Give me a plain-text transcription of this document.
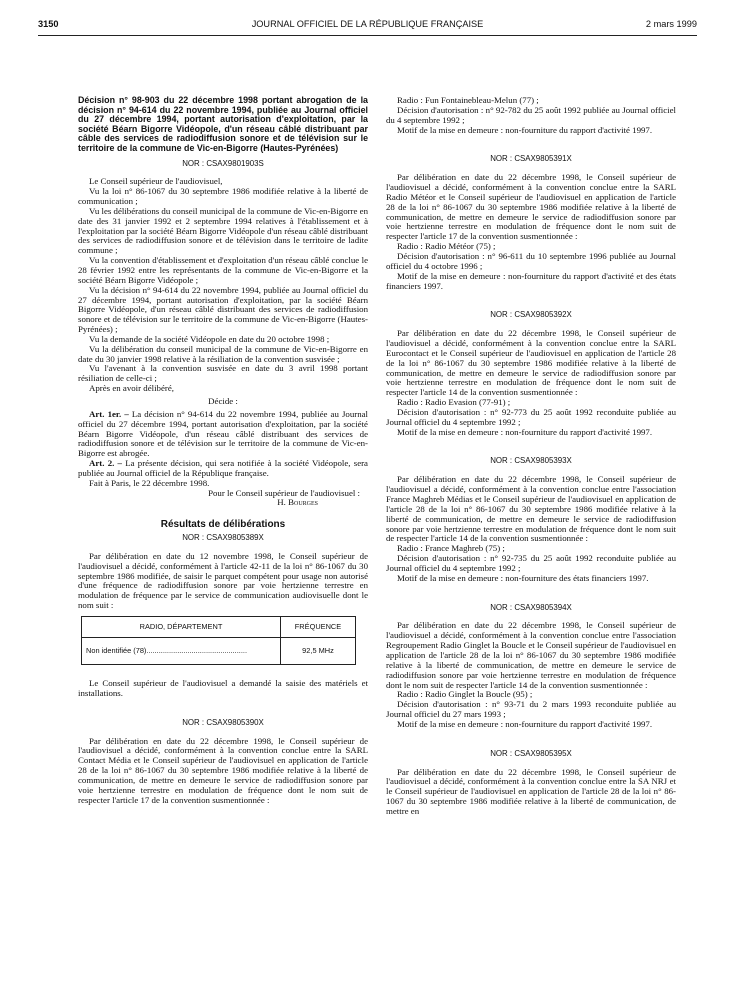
3150	JOURNAL OFFICIEL DE LA RÉPUBLIQUE FRANÇAISE	2 mars 1999

Décision n° 98-903 du 22 décembre 1998 portant abrogation de la décision n° 94-614 du 22 novembre 1994, publiée au Journal officiel du 27 décembre 1994, portant autorisation d'exploitation, par la société Béarn Bigorre Vidéopole, d'un réseau câblé distribuant par câble des services de radiodiffusion sonore et de télévision sur le territoire de la commune de Vic-en-Bigorre (Hautes-Pyrénées)

NOR : CSAX9801903S

Le Conseil supérieur de l'audiovisuel,

Vu la loi n° 86-1067 du 30 septembre 1986 modifiée relative à la liberté de communication ;

Vu les délibérations du conseil municipal de la commune de Vic-en-Bigorre en date des 31 janvier 1992 et 2 septembre 1994 relatives à l'établissement et à l'exploitation par la société Béarn Bigorre Vidéopole d'un réseau câblé distribuant des services de radiodiffusion sonore et de télévision dans le territoire de ladite commune ;

Vu la convention d'établissement et d'exploitation d'un réseau câblé conclue le 28 février 1992 entre les représentants de la commune de Vic-en-Bigorre et la société Béarn Bigorre Vidéopole ;

Vu la décision n° 94-614 du 22 novembre 1994, publiée au Journal officiel du 27 décembre 1994, portant autorisation d'exploitation, par la société Béarn Bigorre Vidéopole, d'un réseau câblé distribuant des services de radiodiffusion sonore et de télévision sur le territoire de la commune de Vic-en-Bigorre (Hautes-Pyrénées) ;

Vu la demande de la société Vidéopole en date du 20 octobre 1998 ;

Vu la délibération du conseil municipal de la commune de Vic-en-Bigorre en date du 30 janvier 1998 relative à la résiliation de la convention susvisée ;

Vu l'avenant à la convention susvisée en date du 3 avril 1998 portant résiliation de celle-ci ;

Après en avoir délibéré,

Décide :

Art. 1er. – La décision n° 94-614 du 22 novembre 1994, publiée au Journal officiel du 27 décembre 1994, portant autorisation d'exploitation, par la société Béarn Bigorre Vidéopole, d'un réseau câblé distribuant des services de radiodiffusion sonore et de télévision sur le territoire de la commune de Vic-en-Bigorre est abrogée.

Art. 2. – La présente décision, qui sera notifiée à la société Vidéopole, sera publiée au Journal officiel de la République française.

Fait à Paris, le 22 décembre 1998.

Pour le Conseil supérieur de l'audiovisuel :

H. Bourges

Résultats de délibérations
NOR : CSAX9805389X

Par délibération en date du 12 novembre 1998, le Conseil supérieur de l'audiovisuel a décidé, conformément à l'article 42-11 de la loi n° 86-1067 du 30 septembre 1986 modifiée, de saisir le parquet compétent pour usage non autorisé d'une fréquence de radiodiffusion sonore par voie hertzienne terrestre en modulation de fréquence par le service de communication audiovisuelle dont le nom suit :

RADIO, DÉPARTEMENT	FRÉQUENCE
Non identifiée (78).................................................	92,5 MHz

Le Conseil supérieur de l'audiovisuel a demandé la saisie des matériels et installations.

NOR : CSAX9805390X

Par délibération en date du 22 décembre 1998, le Conseil supérieur de l'audiovisuel a décidé, conformément à la convention conclue entre la SARL Contact Média et le Conseil supérieur de l'audiovisuel en application de l'article 28 de la loi n° 86-1067 du 30 septembre 1986 modifiée relative à la liberté de communication, de mettre en demeure le service de radiodiffusion sonore par voie hertzienne terrestre en modulation de fréquence dont le nom suit de respecter l'article 17 de la convention susmentionnée :

Radio : Fun Fontainebleau-Melun (77) ;

Décision d'autorisation : n° 92-782 du 25 août 1992 publiée au Journal officiel du 4 septembre 1992 ;

Motif de la mise en demeure : non-fourniture du rapport d'activité 1997.

NOR : CSAX9805391X

Par délibération en date du 22 décembre 1998, le Conseil supérieur de l'audiovisuel a décidé, conformément à la convention conclue entre la SARL Radio Météor et le Conseil supérieur de l'audiovisuel en application de l'article 28 de la loi n° 86-1067 du 30 septembre 1986 modifiée relative à la liberté de communication, de mettre en demeure le service de radiodiffusion sonore par voie hertzienne terrestre en modulation de fréquence dont le nom suit de respecter l'article 17 de la convention susmentionnée :

Radio : Radio Météor (75) ;

Décision d'autorisation : n° 96-611 du 10 septembre 1996 publiée au Journal officiel du 4 octobre 1996 ;

Motif de la mise en demeure : non-fourniture du rapport d'activité et des états financiers 1997.

NOR : CSAX9805392X

Par délibération en date du 22 décembre 1998, le Conseil supérieur de l'audiovisuel a décidé, conformément à la convention conclue entre la SARL Eurocontact et le Conseil supérieur de l'audiovisuel en application de l'article 28 de la loi n° 86-1067 du 30 septembre 1986 modifiée relative à la liberté de communication, de mettre en demeure le service de radiodiffusion sonore par voie hertzienne terrestre en modulation de fréquence dont le nom suit de respecter l'article 14 de la convention susmentionnée :

Radio : Radio Evasion (77-91) ;

Décision d'autorisation : n° 92-773 du 25 août 1992 reconduite publiée au Journal officiel du 4 septembre 1992 ;

Motif de la mise en demeure : non-fourniture du rapport d'activité 1997.

NOR : CSAX9805393X

Par délibération en date du 22 décembre 1998, le Conseil supérieur de l'audiovisuel a décidé, conformément à la convention conclue entre l'association France Maghreb Médias et le Conseil supérieur de l'audiovisuel en application de l'article 28 de la loi n° 86-1067 du 30 septembre 1986 modifiée relative à la liberté de communication, de mettre en demeure le service de radiodiffusion sonore par voie hertzienne terrestre en modulation de fréquence dont le nom suit de respecter l'article 14 de la convention susmentionnée :

Radio : France Maghreb (75) ;

Décision d'autorisation : n° 92-735 du 25 août 1992 reconduite publiée au Journal officiel du 4 septembre 1992 ;

Motif de la mise en demeure : non-fourniture des états financiers 1997.

NOR : CSAX9805394X

Par délibération en date du 22 décembre 1998, le Conseil supérieur de l'audiovisuel a décidé, conformément à la convention conclue entre l'association Regroupement Radio Ginglet la Boucle et le Conseil supérieur de l'audiovisuel en application de l'article 28 de la loi n° 86-1067 du 30 septembre 1986 modifiée relative à la liberté de communication, de mettre en demeure le service de radiodiffusion sonore par voie hertzienne terrestre en modulation de fréquence dont le nom suit de respecter l'article 14 de la convention susmentionnée :

Radio : Radio Ginglet la Boucle (95) ;

Décision d'autorisation : n° 93-71 du 2 mars 1993 reconduite publiée au Journal officiel du 27 mars 1993 ;

Motif de la mise en demeure : non-fourniture du rapport d'activité 1997.

NOR : CSAX9805395X

Par délibération en date du 22 décembre 1998, le Conseil supérieur de l'audiovisuel a décidé, conformément à la convention conclue entre la SA NRJ et le Conseil supérieur de l'audiovisuel en application de l'article 28 de la loi n° 86-1067 du 30 septembre 1986 modifiée relative à la liberté de communication, de mettre en
